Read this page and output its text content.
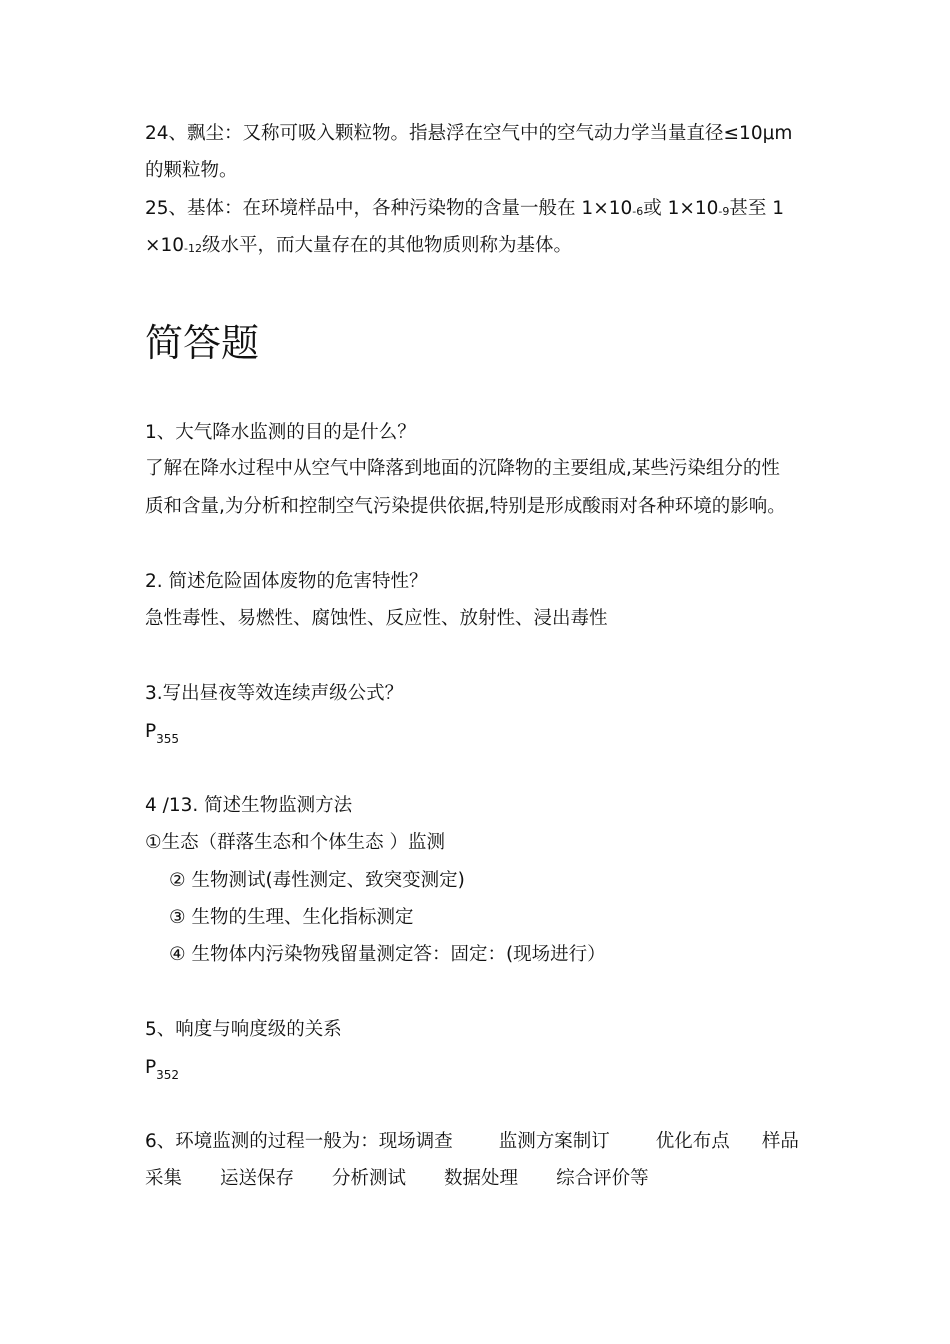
24、飘尘：又称可吸入颗粒物。指悬浮在空气中的空气动力学当量直径≤10μm

的颗粒物。

25、基体：在环境样品中，各种污染物的含量一般在 1×10-6或 1×10-9甚至 1

×10-12级水平，而大量存在的其他物质则称为基体。

简答题

1、大气降水监测的目的是什么？

了解在降水过程中从空气中降落到地面的沉降物的主要组成,某些污染组分的性

质和含量,为分析和控制空气污染提供依据,特别是形成酸雨对各种环境的影响。

2. 简述危险固体废物的危害特性？

急性毒性、易燃性、腐蚀性、反应性、放射性、浸出毒性

3.写出昼夜等效连续声级公式？

$P_{355}$

4 /13. 简述生物监测方法

①生态（群落生态和个体生态 ）监测

② 生物测试(毒性测定、致突变测定)

③ 生物的生理、生化指标测定

④ 生物体内污染物残留量测定答：固定：(现场进行）

5、响度与响度级的关系

$P_{352}$

6、环境监测的过程一般为：现场调查 监测方案制订 优化布点 样品

采集 运送保存 分析测试 数据处理 综合评价等
